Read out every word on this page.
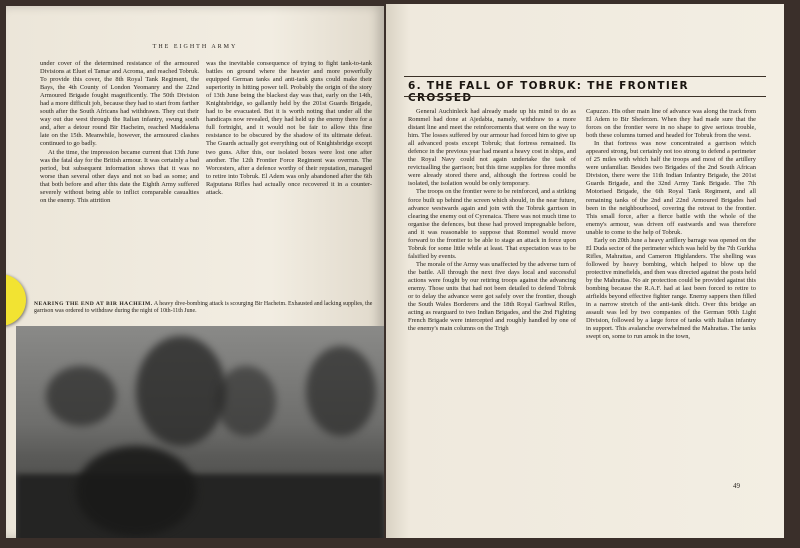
THE EIGHTH ARMY

under cover of the determined resistance of the armoured Divisions at Eluet el Tamar and Acroma, and reached Tobruk. To provide this cover, the 8th Royal Tank Regiment, the Bays, the 4th County of London Yeomanry and the 22nd Armoured Brigade fought magnificently. The 50th Division had a more difficult job, because they had to start from farther south after the South Africans had withdrawn. They cut their way out due west through the Italian infantry, swung south and, after a detour round Bir Hacheim, reached Maddalena late on the 15th. Meanwhile, however, the armoured clashes continued to go badly.

At the time, the impression became current that 13th June was the fatal day for the British armour. It was certainly a bad period, but subsequent information shows that it was no worse than several other days and not so bad as some; and that both before and after this date the Eighth Army suffered severely without being able to inflict comparable casualties on the enemy. This attrition

was the inevitable consequence of trying to fight tank-to-tank battles on ground where the heavier and more powerfully equipped German tanks and anti-tank guns could make their superiority in hitting power tell. Probably the origin of the story of 13th June being the blackest day was that, early on the 14th, Knightsbridge, so gallantly held by the 201st Guards Brigade, had to be evacuated. But it is worth noting that under all the handicaps now revealed, they had held up the enemy there for a full fortnight, and it would not be fair to allow this fine resistance to be obscured by the shadow of its ultimate defeat. The Guards actually got everything out of Knightsbridge except two guns. After this, our isolated boxes were lost one after another. The 12th Frontier Force Regiment was overrun. The Worcesters, after a defence worthy of their reputation, managed to retire into Tobruk. El Adem was only abandoned after the 6th Rajputana Rifles had actually once recovered it in a counter-attack.

NEARING THE END AT BIR HACHEIM. A heavy dive-bombing attack is scourging Bir Hacheim. Exhausted and lacking supplies, the garrison was ordered to withdraw during the night of 10th-11th June.
6. THE FALL OF TOBRUK: THE FRONTIER CROSSED

General Auchinleck had already made up his mind to do as Rommel had done at Ajedabia, namely, withdraw to a more distant line and meet the reinforcements that were on the way to him. The losses suffered by our armour had forced him to give up all advanced posts except Tobruk; that fortress remained. Its defence in the previous year had meant a heavy cost in ships, and the Royal Navy could not again undertake the task of revictualling the garrison; but this time supplies for three months were already stored there and, although the fortress could be isolated, the isolation would be only temporary.

The troops on the frontier were to be reinforced, and a striking force built up behind the screen which should, in the near future, advance westwards again and join with the Tobruk garrison in clearing the enemy out of Cyrenaica. There was not much time to organise the defences, but these had proved impregnable before, and it was reasonable to suppose that Rommel would move forward to the frontier to be able to stage an attack in force upon Tobruk for some little while at least. That expectation was to be falsified by events.

The morale of the Army was unaffected by the adverse turn of the battle. All through the next five days local and successful actions were fought by our retiring troops against the advancing enemy. Those units that had not been detailed to defend Tobruk or to delay the advance were got safely over the frontier, though the South Wales Borderers and the 18th Royal Garhwal Rifles, acting as rearguard to two Indian Brigades, and the 2nd Fighting French Brigade were intercepted and roughly handled by one of the enemy's main columns on the Trigh

Capuzzo. His other main line of advance was along the track from El Adem to Bir Sheferzen. When they had made sure that the forces on the frontier were in no shape to give serious trouble, both these columns turned and headed for Tobruk from the west.

In that fortress was now concentrated a garrison which appeared strong, but certainly not too strong to defend a perimeter of 25 miles with which half the troops and most of the artillery were unfamiliar. Besides two Brigades of the 2nd South African Division, there were the 11th Indian Infantry Brigade, the 201st Guards Brigade, and the 32nd Army Tank Brigade. The 7th Motorised Brigade, the 6th Royal Tank Regiment, and all remaining tanks of the 2nd and 22nd Armoured Brigades had been in the neighbourhood, covering the retreat to the frontier. This small force, after a fierce battle with the whole of the enemy's armour, was driven off eastwards and was therefore unable to come to the help of Tobruk.

Early on 20th June a heavy artillery barrage was opened on the El Duda sector of the perimeter which was held by the 7th Gurkha Rifles, Mahrattas, and Cameron Highlanders. The shelling was followed by heavy bombing, which helped to blow up the protective minefields, and then was directed against the posts held by the Mahrattas. No air protection could be provided against this bombing because the R.A.F. had at last been forced to retire to airfields beyond effective fighter range. Enemy sappers then filled in a narrow stretch of the anti-tank ditch. Over this bridge an assault was led by two companies of the German 90th Light Division, followed by a large force of tanks with Italian infantry in support. This avalanche overwhelmed the Mahrattas. The tanks swept on, some to run amok in the town,

49
